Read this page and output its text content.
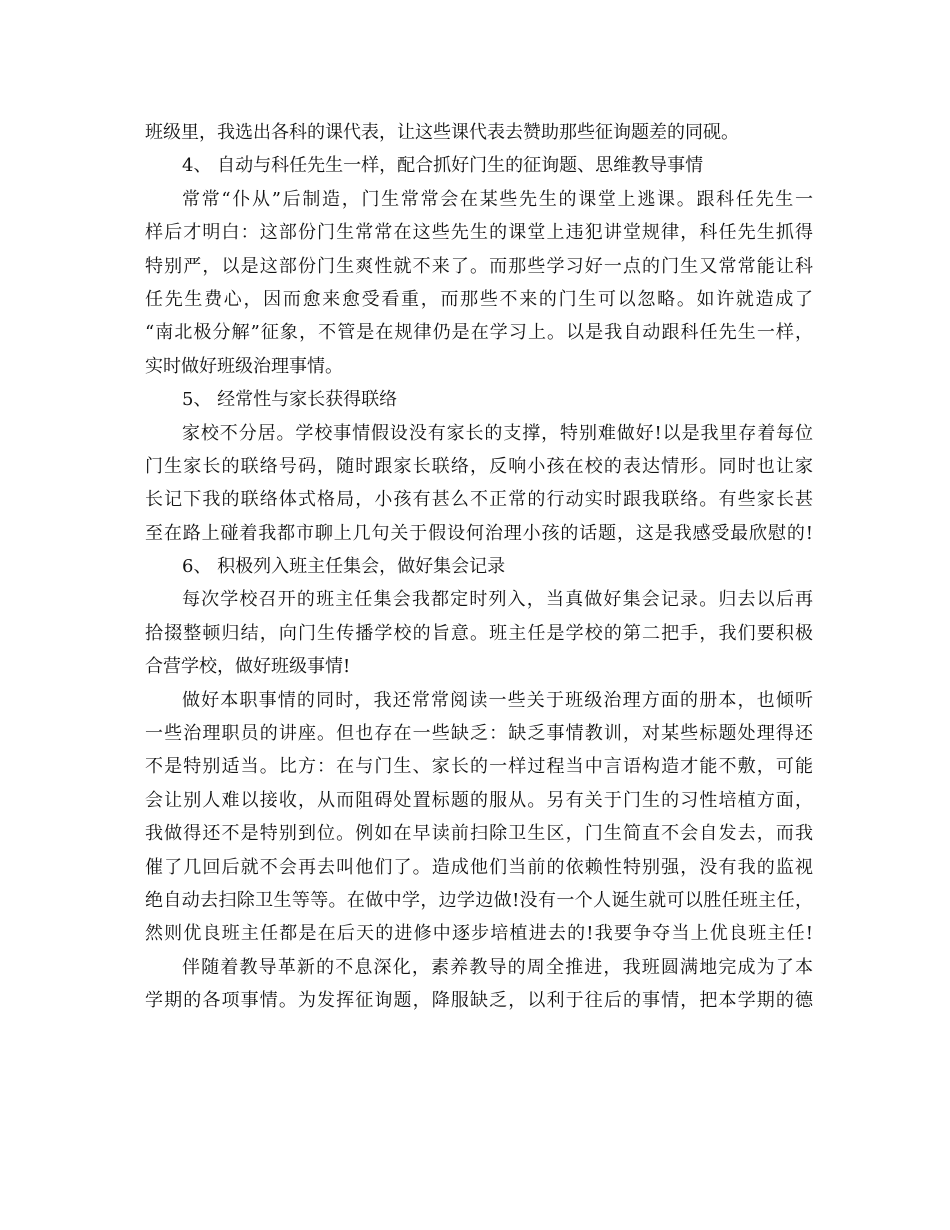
班级里，我选出各科的课代表，让这些课代表去赞助那些征询题差的同砚。
4、 自动与科任先生一样，配合抓好门生的征询题、思维教导事情
常常“仆从”后制造，门生常常会在某些先生的课堂上逃课。跟科任先生一
样后才明白：这部份门生常常在这些先生的课堂上违犯讲堂规律，科任先生抓得
特别严，以是这部份门生爽性就不来了。而那些学习好一点的门生又常常能让科
任先生费心，因而愈来愈受看重，而那些不来的门生可以忽略。如许就造成了
“南北极分解”征象，不管是在规律仍是在学习上。以是我自动跟科任先生一样，
实时做好班级治理事情。
5、 经常性与家长获得联络
家校不分居。学校事情假设没有家长的支撑，特别难做好!以是我里存着每位
门生家长的联络号码，随时跟家长联络，反响小孩在校的表达情形。同时也让家
长记下我的联络体式格局，小孩有甚么不正常的行动实时跟我联络。有些家长甚
至在路上碰着我都市聊上几句关于假设何治理小孩的话题，这是我感受最欣慰的!
6、 积极列入班主任集会，做好集会记录
每次学校召开的班主任集会我都定时列入，当真做好集会记录。归去以后再
拾掇整顿归结，向门生传播学校的旨意。班主任是学校的第二把手，我们要积极
合营学校，做好班级事情!
做好本职事情的同时，我还常常阅读一些关于班级治理方面的册本，也倾听
一些治理职员的讲座。但也存在一些缺乏：缺乏事情教训，对某些标题处理得还
不是特别适当。比方：在与门生、家长的一样过程当中言语构造才能不敷，可能
会让别人难以接收，从而阻碍处置标题的服从。另有关于门生的习性培植方面，
我做得还不是特别到位。例如在早读前扫除卫生区，门生简直不会自发去，而我
催了几回后就不会再去叫他们了。造成他们当前的依赖性特别强，没有我的监视
绝自动去扫除卫生等等。在做中学，边学边做!没有一个人诞生就可以胜任班主任，
然则优良班主任都是在后天的进修中逐步培植进去的!我要争夺当上优良班主任!
伴随着教导革新的不息深化，素养教导的周全推进，我班圆满地完成为了本
学期的各项事情。为发挥征询题，降服缺乏，以利于往后的事情，把本学期的德
